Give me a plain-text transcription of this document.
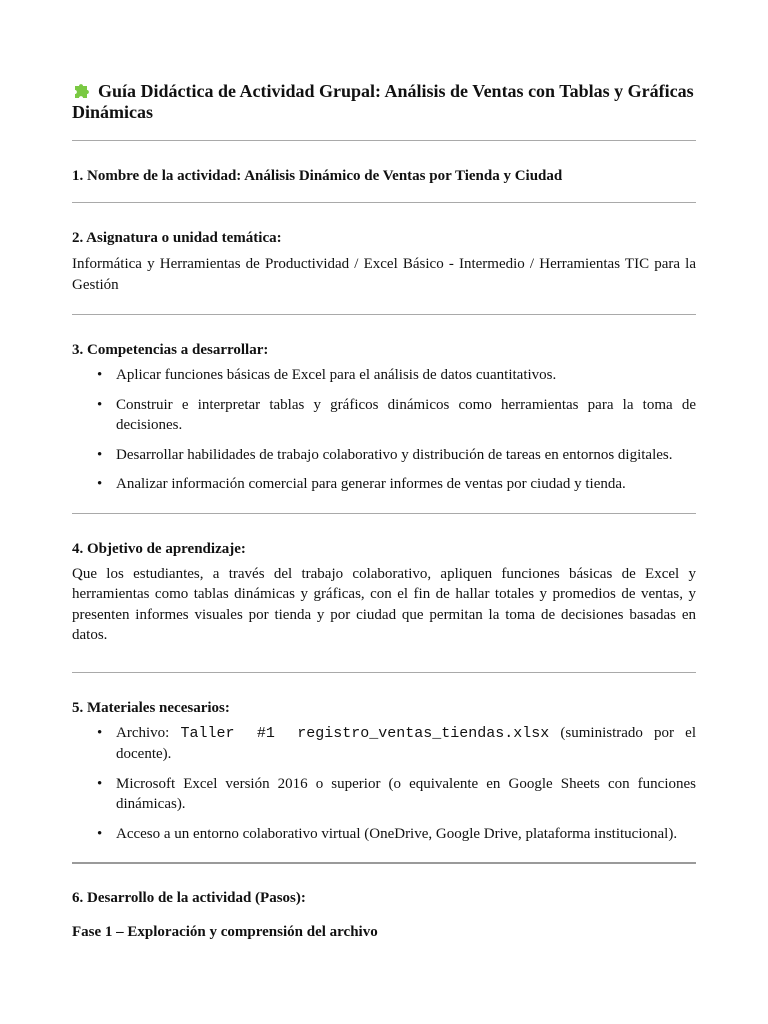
Guía Didáctica de Actividad Grupal: Análisis de Ventas con Tablas y Gráficas Dinámicas

1. Nombre de la actividad: Análisis Dinámico de Ventas por Tienda y Ciudad

2. Asignatura o unidad temática:

Informática y Herramientas de Productividad / Excel Básico - Intermedio / Herramientas TIC para la Gestión

3. Competencias a desarrollar:

• Aplicar funciones básicas de Excel para el análisis de datos cuantitativos.
• Construir e interpretar tablas y gráficos dinámicos como herramientas para la toma de decisiones.
• Desarrollar habilidades de trabajo colaborativo y distribución de tareas en entornos digitales.
• Analizar información comercial para generar informes de ventas por ciudad y tienda.

4. Objetivo de aprendizaje:

Que los estudiantes, a través del trabajo colaborativo, apliquen funciones básicas de Excel y herramientas como tablas dinámicas y gráficas, con el fin de hallar totales y promedios de ventas, y presenten informes visuales por tienda y por ciudad que permitan la toma de decisiones basadas en datos.

5. Materiales necesarios:

• Archivo: Taller #1 registro_ventas_tiendas.xlsx (suministrado por el docente).
• Microsoft Excel versión 2016 o superior (o equivalente en Google Sheets con funciones dinámicas).
• Acceso a un entorno colaborativo virtual (OneDrive, Google Drive, plataforma institucional).

6. Desarrollo de la actividad (Pasos):

Fase 1 – Exploración y comprensión del archivo
